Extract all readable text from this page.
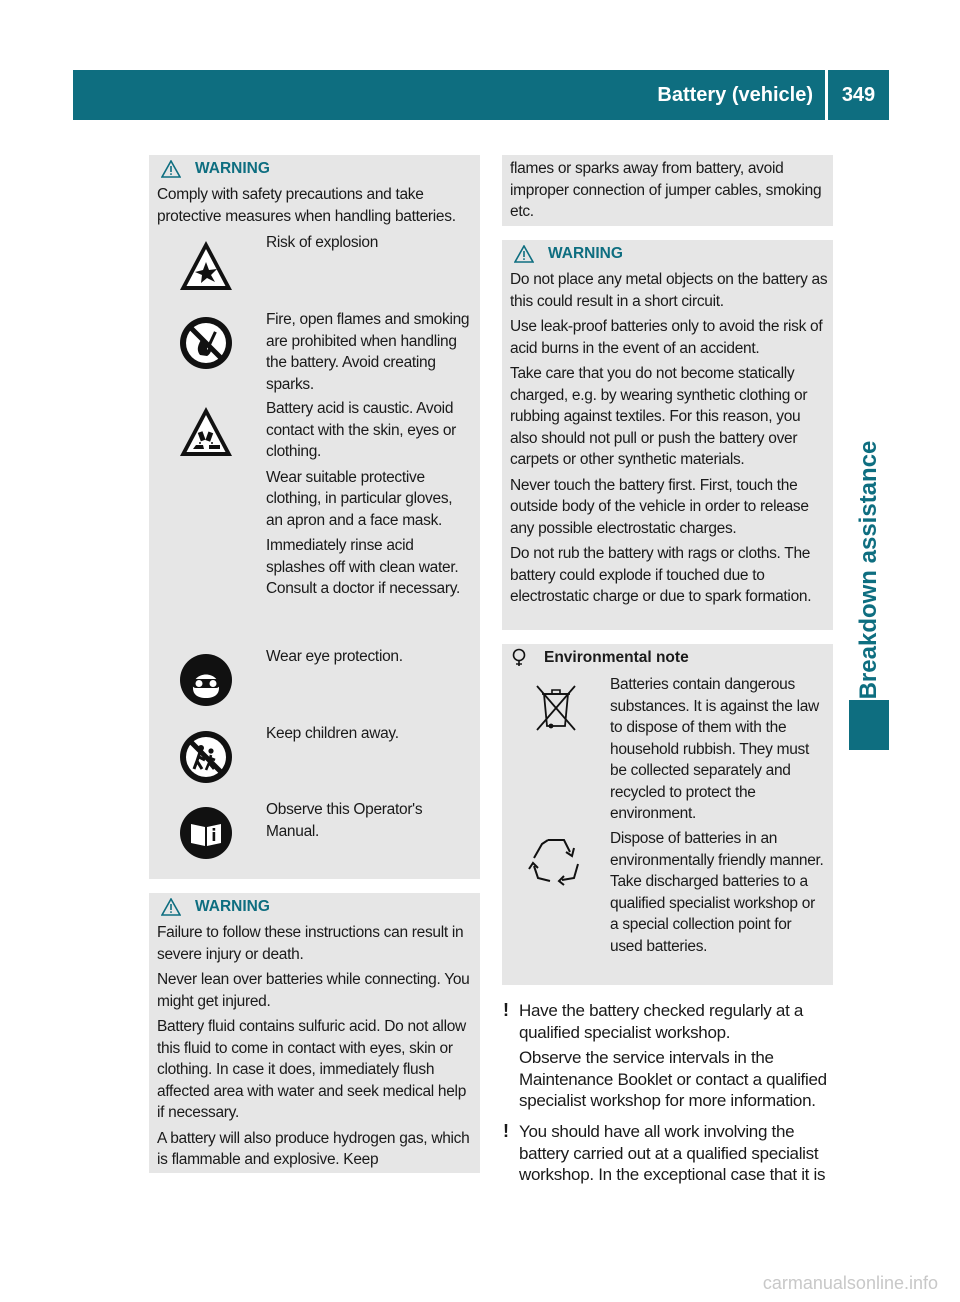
Battery (vehicle)	349
Breakdown assistance
WARNING
Comply with safety precautions and take protective measures when handling batteries.

Risk of explosion

Fire, open flames and smoking are prohibited when handling the battery. Avoid creating sparks.

Battery acid is caustic. Avoid contact with the skin, eyes or clothing.

Wear suitable protective clothing, in particular gloves, an apron and a face mask.

Immediately rinse acid splashes off with clean water. Consult a doctor if necessary.

Wear eye protection.

Keep children away.

Observe this Operator's Manual.

WARNING

Failure to follow these instructions can result in severe injury or death.

Never lean over batteries while connecting. You might get injured.

Battery fluid contains sulfuric acid. Do not allow this fluid to come in contact with eyes, skin or clothing. In case it does, immediately flush affected area with water and seek medical help if necessary.

A battery will also produce hydrogen gas, which is flammable and explosive. Keep

flames or sparks away from battery, avoid improper connection of jumper cables, smoking etc.
WARNING

Do not place any metal objects on the battery as this could result in a short circuit.

Use leak-proof batteries only to avoid the risk of acid burns in the event of an accident.

Take care that you do not become statically charged, e.g. by wearing synthetic clothing or rubbing against textiles. For this reason, you also should not pull or push the battery over carpets or other synthetic materials.

Never touch the battery first. First, touch the outside body of the vehicle in order to release any possible electrostatic charges.

Do not rub the battery with rags or cloths. The battery could explode if touched due to electrostatic charge or due to spark formation.

Environmental note
Batteries contain dangerous substances. It is against the law to dispose of them with the household rubbish. They must be collected separately and recycled to protect the environment.
Dispose of batteries in an environmentally friendly manner. Take discharged batteries to a qualified specialist workshop or a special collection point for used batteries.
! Have the battery checked regularly at a qualified specialist workshop.

Observe the service intervals in the Maintenance Booklet or contact a qualified specialist workshop for more information.

! You should have all work involving the battery carried out at a qualified specialist workshop. In the exceptional case that it is

carmanualsonline.info
